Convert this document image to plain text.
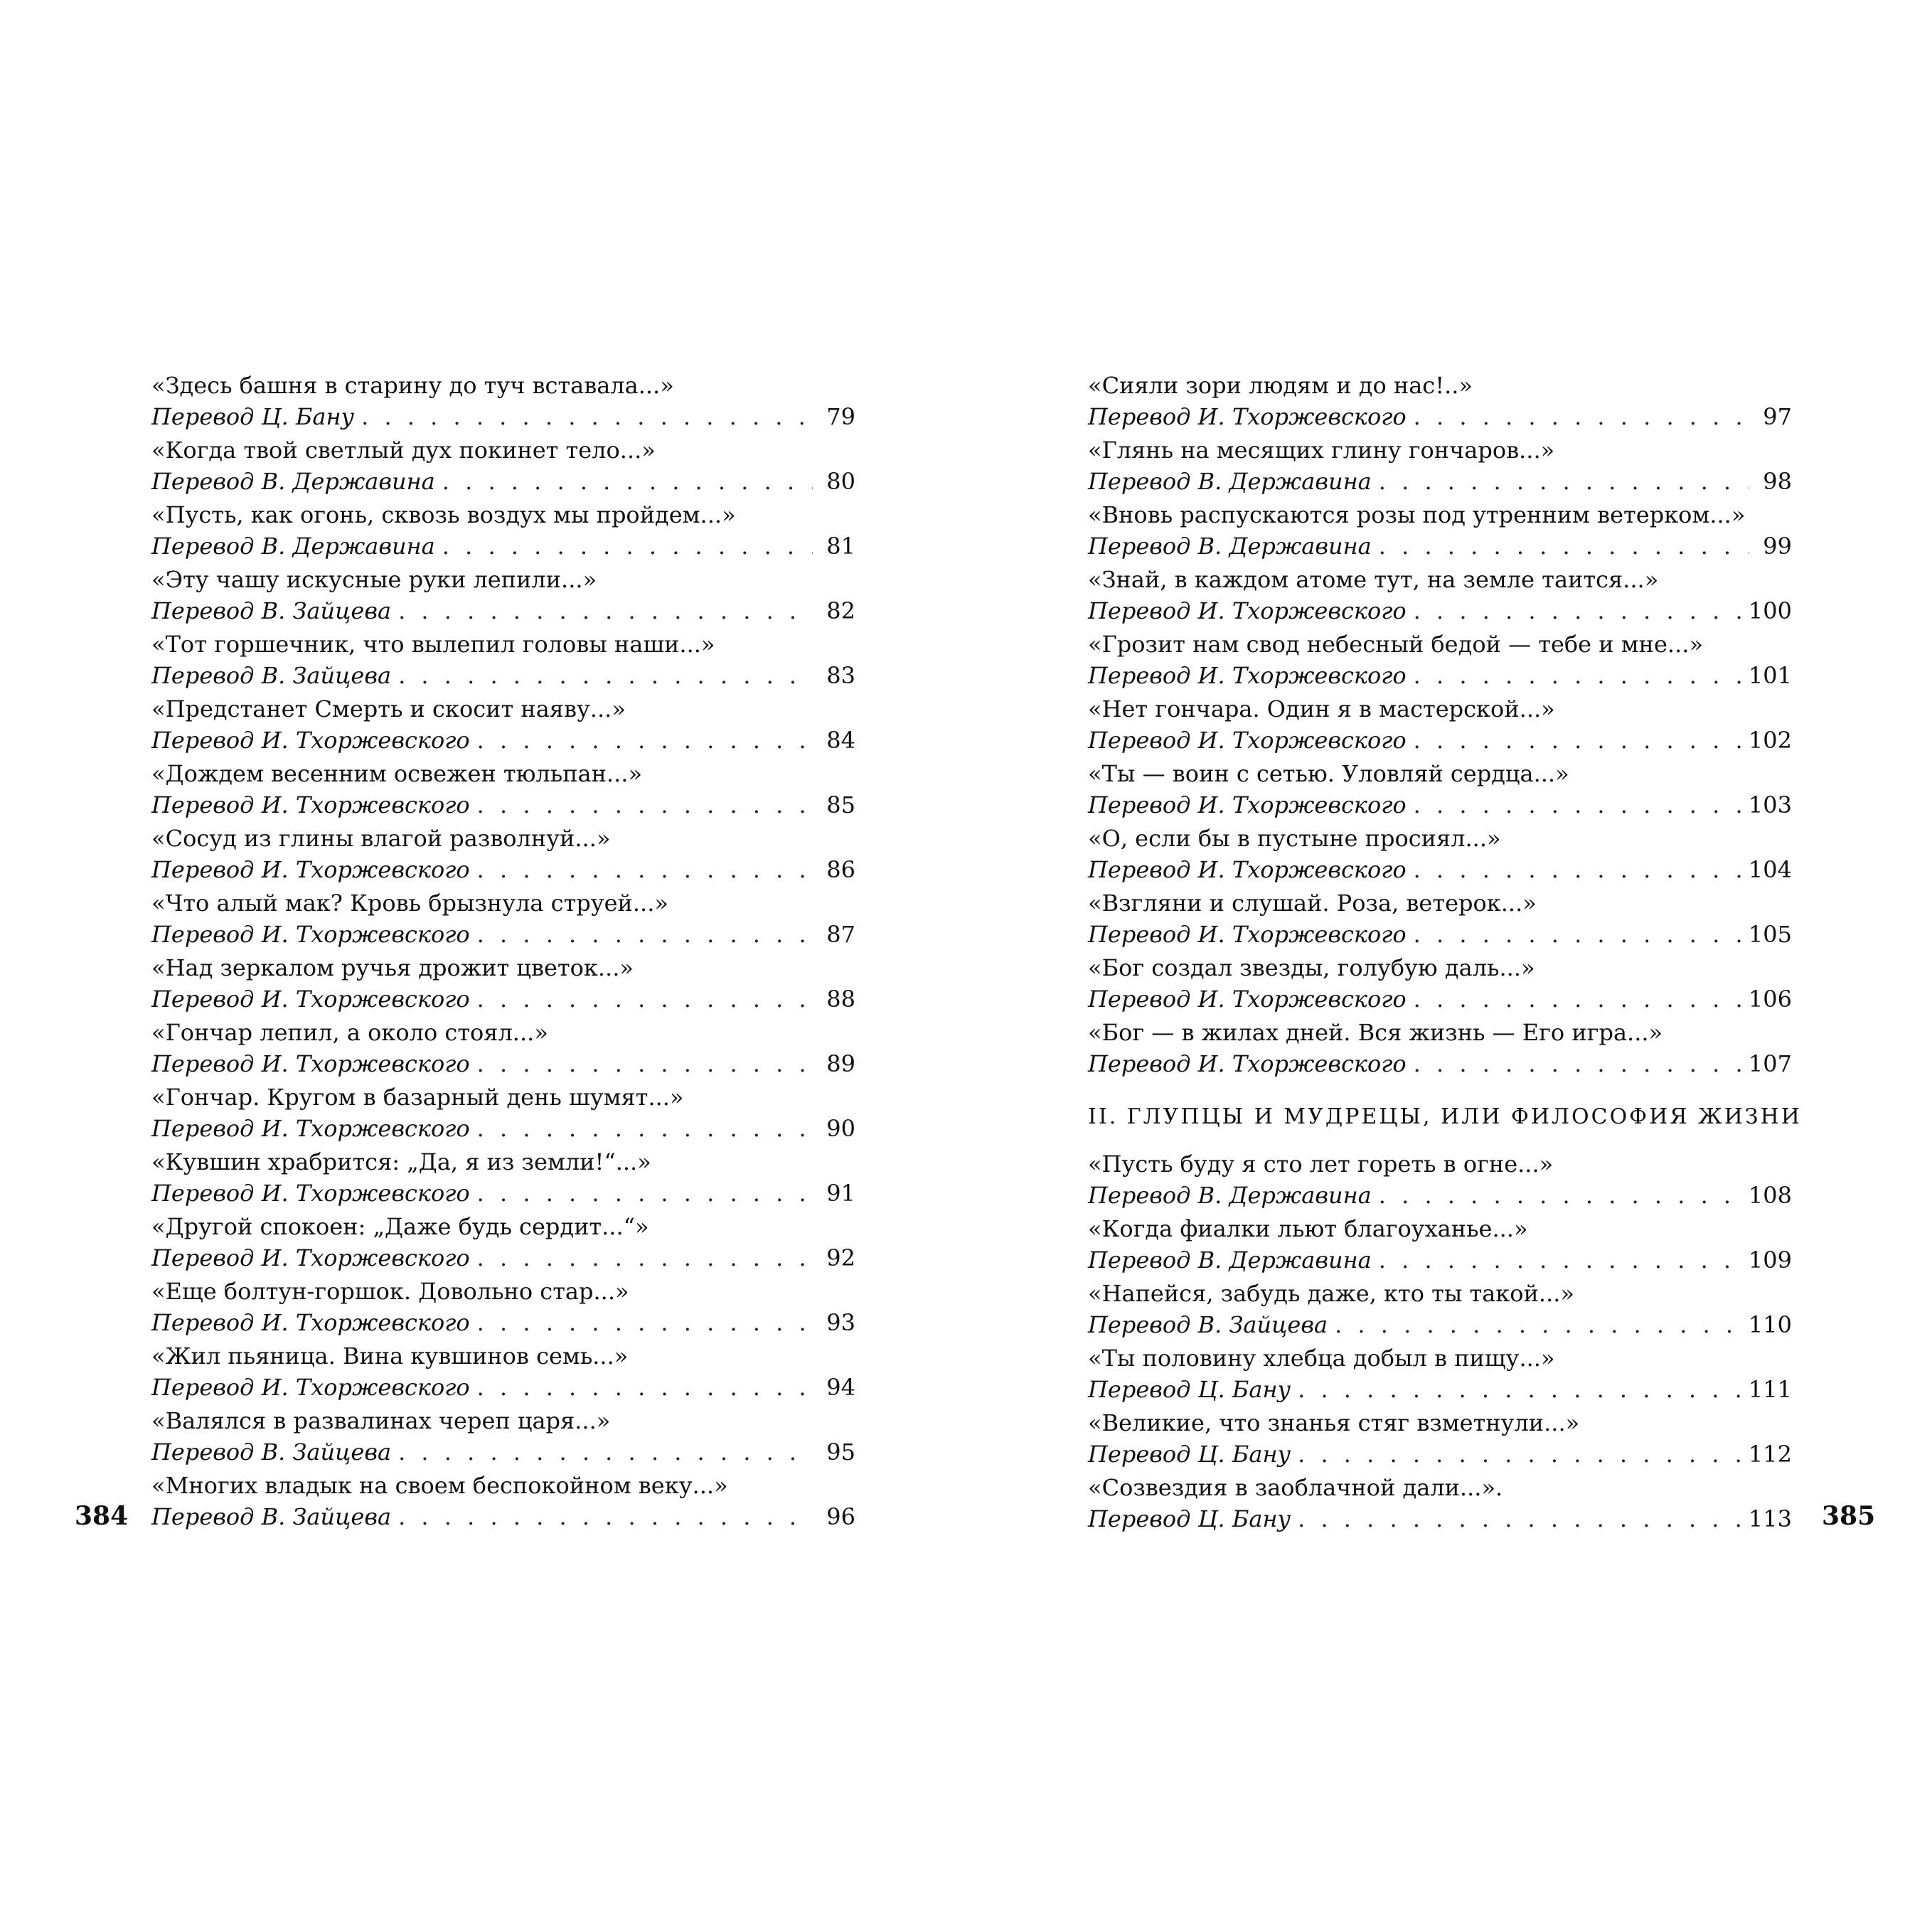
«Здесь башня в старину до туч вставала...»
Перевод Ц. Бану . . .	79
«Когда твой светлый дух покинет тело...»
Перевод В. Державина . . .	80
«Пусть, как огонь, сквозь воздух мы пройдем...»
Перевод В. Державина . . .	81
«Эту чашу искусные руки лепили...»
Перевод В. Зайцева . . .	82
«Тот горшечник, что вылепил головы наши...»
Перевод В. Зайцева . . .	83
«Предстанет Смерть и скосит наяву...»
Перевод И. Тхоржевского . . .	84
«Дождем весенним освежен тюльпан...»
Перевод И. Тхоржевского . . .	85
«Сосуд из глины влагой разволнуй...»
Перевод И. Тхоржевского . . .	86
«Что алый мак? Кровь брызнула струей...»
Перевод И. Тхоржевского . . .	87
«Над зеркалом ручья дрожит цветок...»
Перевод И. Тхоржевского . . .	88
«Гончар лепил, а около стоял...»
Перевод И. Тхоржевского . . .	89
«Гончар. Кругом в базарный день шумят...»
Перевод И. Тхоржевского . . .	90
«Кувшин храбрится: „Да, я из земли!“...»
Перевод И. Тхоржевского . . .	91
«Другой спокоен: „Даже будь сердит...“»
Перевод И. Тхоржевского . . .	92
«Еще болтун-горшок. Довольно стар...»
Перевод И. Тхоржевского . . .	93
«Жил пьяница. Вина кувшинов семь...»
Перевод И. Тхоржевского . . .	94
«Валялся в развалинах череп царя...»
Перевод В. Зайцева . . .	95
«Многих владык на своем беспокойном веку...»
Перевод В. Зайцева . . .	96
384
«Сияли зори людям и до нас!..»
Перевод И. Тхоржевского . . .	97
«Глянь на месящих глину гончаров...»
Перевод В. Державина . . .	98
«Вновь распускаются розы под утренним ветерком...»
Перевод В. Державина . . .	99
«Знай, в каждом атоме тут, на земле таится...»
Перевод И. Тхоржевского . . .	100
«Грозит нам свод небесный бедой — тебе и мне...»
Перевод И. Тхоржевского . . .	101
«Нет гончара. Один я в мастерской...»
Перевод И. Тхоржевского . . .	102
«Ты — воин с сетью. Уловляй сердца...»
Перевод И. Тхоржевского . . .	103
«О, если бы в пустыне просиял...»
Перевод И. Тхоржевского . . .	104
«Взгляни и слушай. Роза, ветерок...»
Перевод И. Тхоржевского . . .	105
«Бог создал звезды, голубую даль...»
Перевод И. Тхоржевского . . .	106
«Бог — в жилах дней. Вся жизнь — Его игра...»
Перевод И. Тхоржевского . . .	107
II. ГЛУПЦЫ И МУДРЕЦЫ, ИЛИ ФИЛОСОФИЯ ЖИЗНИ
«Пусть буду я сто лет гореть в огне...»
Перевод В. Державина . . .	108
«Когда фиалки льют благоуханье...»
Перевод В. Державина . . .	109
«Напейся, забудь даже, кто ты такой...»
Перевод В. Зайцева . . .	110
«Ты половину хлебца добыл в пищу...»
Перевод Ц. Бану . . .	111
«Великие, что знанья стяг взметнули...»
Перевод Ц. Бану . . .	112
«Созвездия в заоблачной дали...».
Перевод Ц. Бану . . .	113 385
